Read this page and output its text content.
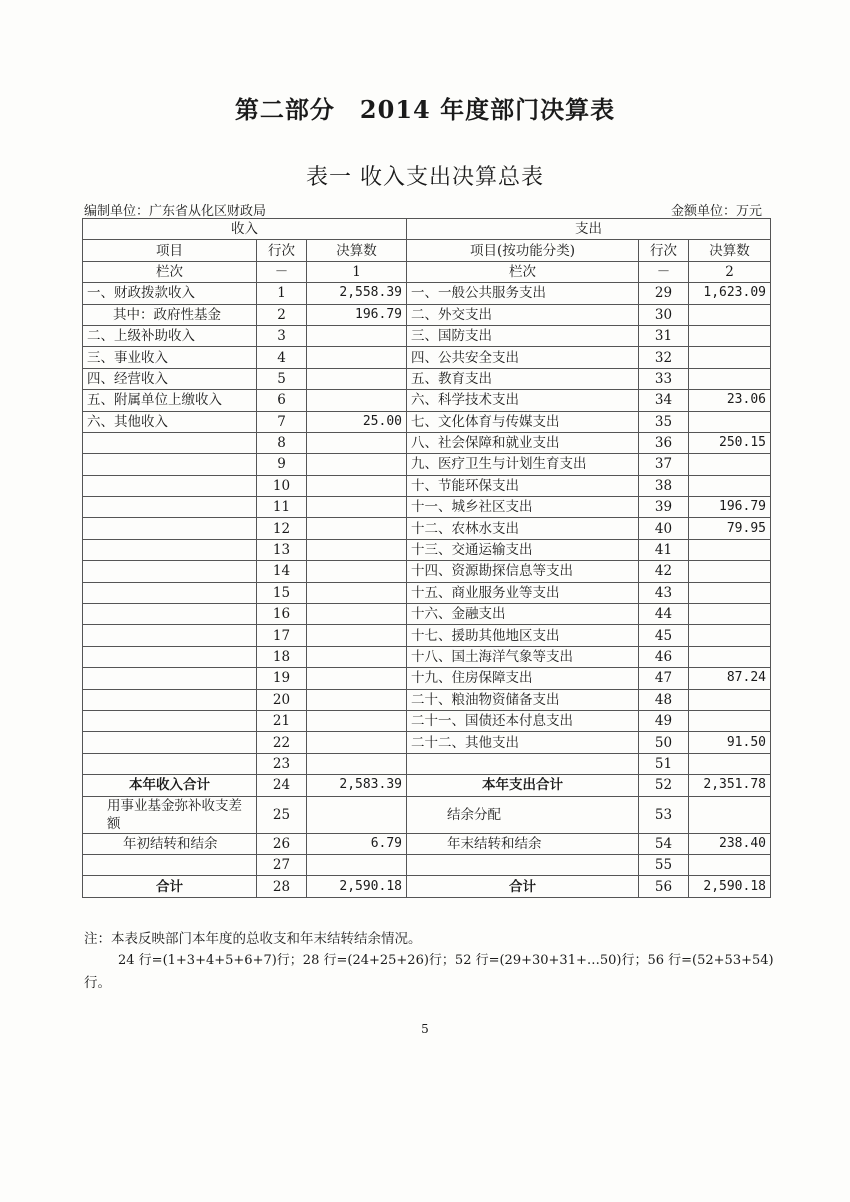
第二部分　2014 年度部门决算表
表一 收入支出决算总表
编制单位：广东省从化区财政局	金额单位：万元
收入			支出		
项目	行次	决算数	项目(按功能分类)	行次	决算数
栏次	－	1	栏次	－	2
一、财政拨款收入	1	2,558.39	一、一般公共服务支出	29	1,623.09
其中：政府性基金	2	196.79	二、外交支出	30	
二、上级补助收入	3		三、国防支出	31	
三、事业收入	4		四、公共安全支出	32	
四、经营收入	5		五、教育支出	33	
五、附属单位上缴收入	6		六、科学技术支出	34	23.06
六、其他收入	7	25.00	七、文化体育与传媒支出	35	
	8		八、社会保障和就业支出	36	250.15
	9		九、医疗卫生与计划生育支出	37	
	10		十、节能环保支出	38	
	11		十一、城乡社区支出	39	196.79
	12		十二、农林水支出	40	79.95
	13		十三、交通运输支出	41	
	14		十四、资源勘探信息等支出	42	
	15		十五、商业服务业等支出	43	
	16		十六、金融支出	44	
	17		十七、援助其他地区支出	45	
	18		十八、国土海洋气象等支出	46	
	19		十九、住房保障支出	47	87.24
	20		二十、粮油物资储备支出	48	
	21		二十一、国债还本付息支出	49	
	22		二十二、其他支出	50	91.50
	23			51	
本年收入合计	24	2,583.39	本年支出合计	52	2,351.78
用事业基金弥补收支差额	25		结余分配	53	
年初结转和结余	26	6.79	年末结转和结余	54	238.40
	27			55	
合计	28	2,590.18	合计	56	2,590.18
注：本表反映部门本年度的总收支和年末结转结余情况。
24 行=(1+3+4+5+6+7)行；28 行=(24+25+26)行；52 行=(29+30+31+…50)行；56 行=(52+53+54)
行。
5
